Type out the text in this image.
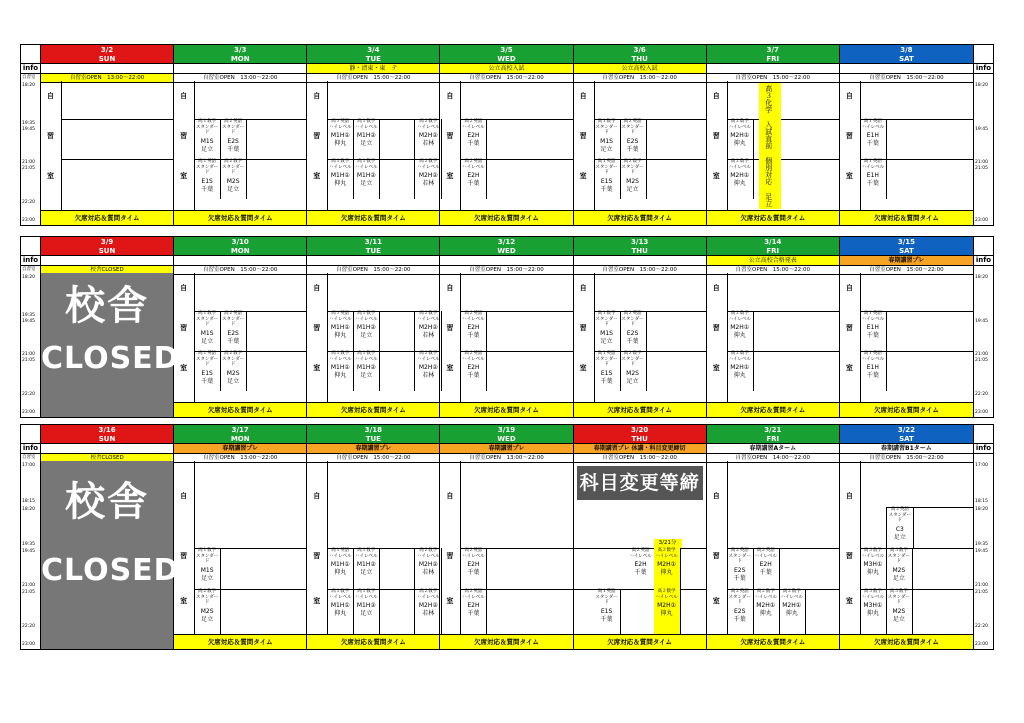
info
自習室
18:20
19:35
19:45
21:00
21:05
22:20
23:00
3/2
SUN
自習室OPEN　13:00～22:00
自
習
室
欠席対応＆質問タイム
3/3
MON
自習室OPEN　13:00～22:00
自
習
室
高１数学
スタンダード
M1S
足立
高２英語
スタンダード
E2S
千葉
高１英語
スタンダード
E1S
千葉
高２数学
スタンダード
M2S
足立
欠席対応＆質問タイム
3/4
TUE
静・清東・東　テ
自習室OPEN　15:00～22:00
自
習
室
高１英語
ハイレベル
M1H①
抑丸
高１数学
ハイレベル
M1H②
足立
高２数学
ハイレベル
M2H②
若林
高１数学
ハイレベル
M1H①
抑丸
高１数学
ハイレベル
M1H②
足立
高２数学
ハイレベル
M2H②
若林
欠席対応＆質問タイム
3/5
WED
公立高校入試
自習室OPEN　15:00～22:00
自
習
室
高２英語
ハイレベル
E2H
千葉
高２英語
ハイレベル
E2H
千葉
欠席対応＆質問タイム
3/6
THU
公立高校入試
自習室OPEN　15:00～22:00
自
習
室
高１数学
スタンダード
M1S
足立
高２英語
スタンダード
E2S
千葉
高１英語
スタンダード
E1S
千葉
高２数学
スタンダード
M2S
足立
欠席対応＆質問タイム
3/7
FRI
自習室OPEN　15:00～22:00
自
習
室
高２数学
ハイレベル
M2H①
抑丸
高２数学
ハイレベル
M2H①
抑丸	高３化学 入試直前 個別対応 足立
欠席対応＆質問タイム
3/8
SAT
自習室OPEN　15:00～22:00
自
習
室
高１英語
ハイレベル
E1H
千葉
高１英語
ハイレベル
E1H
千葉
欠席対応＆質問タイム
info
18:20
19:45
21:00
21:05
23:00
info
自習室
18:20
19:35
19:45
21:00
21:05
22:20
23:00
3/9
SUN
校舎CLOSED
校舎
CLOSED
3/10
MON
自習室OPEN　15:00～22:00
自
習
室
高１数学
スタンダード
M1S
足立
高２英語
スタンダード
E2S
千葉
高１英語
スタンダード
E1S
千葉
高２数学
スタンダード
M2S
足立
欠席対応＆質問タイム
3/11
TUE
自習室OPEN　15:00～22:00
自
習
室
高１英語
ハイレベル
M1H①
抑丸
高１数学
ハイレベル
M1H②
足立
高２数学
ハイレベル
M2H②
若林
高１数学
ハイレベル
M1H①
抑丸
高１数学
ハイレベル
M1H②
足立
高２数学
ハイレベル
M2H②
若林
欠席対応＆質問タイム
3/12
WED
自習室OPEN　15:00～22:00
自
習
室
高２英語
ハイレベル
E2H
千葉
高２英語
ハイレベル
E2H
千葉
欠席対応＆質問タイム
3/13
THU
自習室OPEN　15:00～22:00
自
習
室
高１数学
スタンダード
M1S
足立
高２英語
スタンダード
E2S
千葉
高１英語
スタンダード
E1S
千葉
高２数学
スタンダード
M2S
足立
欠席対応＆質問タイム
3/14
FRI
公立高校合格発表
自習室OPEN　15:00～22:00
自
習
室
高２数学
ハイレベル
M2H①
抑丸
高２数学
ハイレベル
M2H①
抑丸
欠席対応＆質問タイム
3/15
SAT
春期講習プレ
自習室OPEN　15:00～22:00
自
習
室
高１英語
ハイレベル
E1H
千葉
高１英語
ハイレベル
E1H
千葉
欠席対応＆質問タイム
info
18:20
19:45
21:00
21:05
22:20
23:00
info
自習室
17:00
18:15
18:20
19:35
19:45
21:00
21:05
22:20
23:00
3/16
SUN
校舎CLOSED
校舎
CLOSED
3/17
MON
春期講習プレ
自習室OPEN　13:00～22:00
自
習
室
高１数学
スタンダード
M1S
足立
高２数学
スタンダード
M2S
足立
欠席対応＆質問タイム
3/18
TUE
春期講習プレ
自習室OPEN　15:00～22:00
自
習
室
高１英語
ハイレベル
M1H①
抑丸
高１数学
ハイレベル
M1H②
足立
高２数学
ハイレベル
M2H②
若林
高１数学
ハイレベル
M1H①
抑丸
高１数学
ハイレベル
M1H②
足立
高２数学
ハイレベル
M2H②
若林
欠席対応＆質問タイム
3/19
WED
春期講習プレ
自習室OPEN　13:00～22:00
自
習
室
高２英語
ハイレベル
E2H
千葉
高２英語
ハイレベル
E2H
千葉
欠席対応＆質問タイム
3/20
THU
春期講習プレ 休講・科目変更締切
自習室OPEN　15:00～22:00
科目変更等締切
3/21分
高２英語
ハイレベル
E2H
千葉
高２数学
ハイレベル
M2H①
抑丸
高１英語
スタンダード
E1S
千葉
高２数学
ハイレベル
M2H①
抑丸
欠席対応＆質問タイム
3/21
FRI
春期講習Aターム
自習室OPEN　14:00～22:00
自
習
室
高２英語
スタンダード
E2S
千葉
高２英語
ハイレベル
E2H
千葉
高２英語
スタンダード
E2S
千葉
高２数学
ハイレベル
M2H①
抑丸
高２数学
ハイレベル
M2H①
抑丸
欠席対応＆質問タイム
3/22
SAT
春期講習B1ターム
自習室OPEN　15:00～22:00
自
習
室
高２英語
スタンダード
C3
足立
高３数学
ハイレベル
M3H①
抑丸
高３数学
スタンダード
M2S
足立
高３数学
ハイレベル
M3H①
抑丸
高３数学
スタンダード
M2S
足立
欠席対応＆質問タイム
info
17:00
18:15
18:20
19:35
19:45
21:00
21:05
22:20
23:00
